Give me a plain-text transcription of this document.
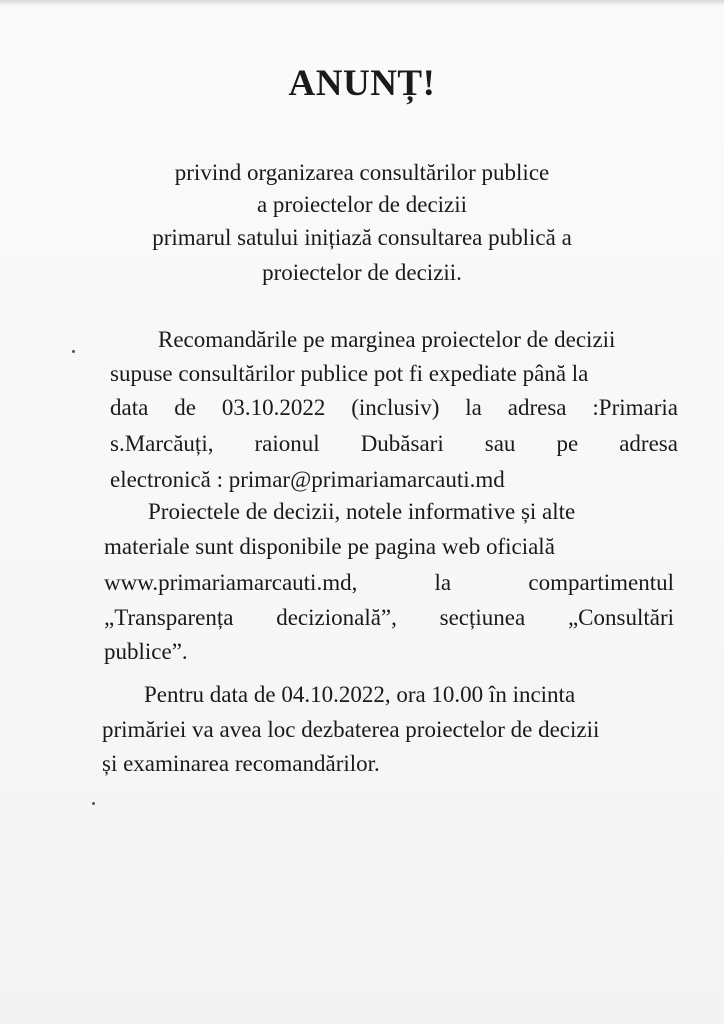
ANUNȚ!
privind organizarea consultărilor publice
a proiectelor de decizii
primarul satului inițiază consultarea publică a
proiectelor de decizii.
Recomandările pe marginea proiectelor de decizii
supuse consultărilor publice pot fi expediate până la
data de 03.10.2022 (inclusiv) la adresa :Primaria
s.Marcăuți, raionul Dubăsari sau pe adresa
electronică : primar@primariamarcauti.md
Proiectele de decizii, notele informative și alte
materiale sunt disponibile pe pagina web oficială
www.primariamarcauti.md,	la	compartimentul
„Transparența decizională”, secțiunea „Consultări
publice”.
Pentru data de 04.10.2022, ora 10.00 în incinta
primăriei va avea loc dezbaterea proiectelor de decizii
și examinarea recomandărilor.
